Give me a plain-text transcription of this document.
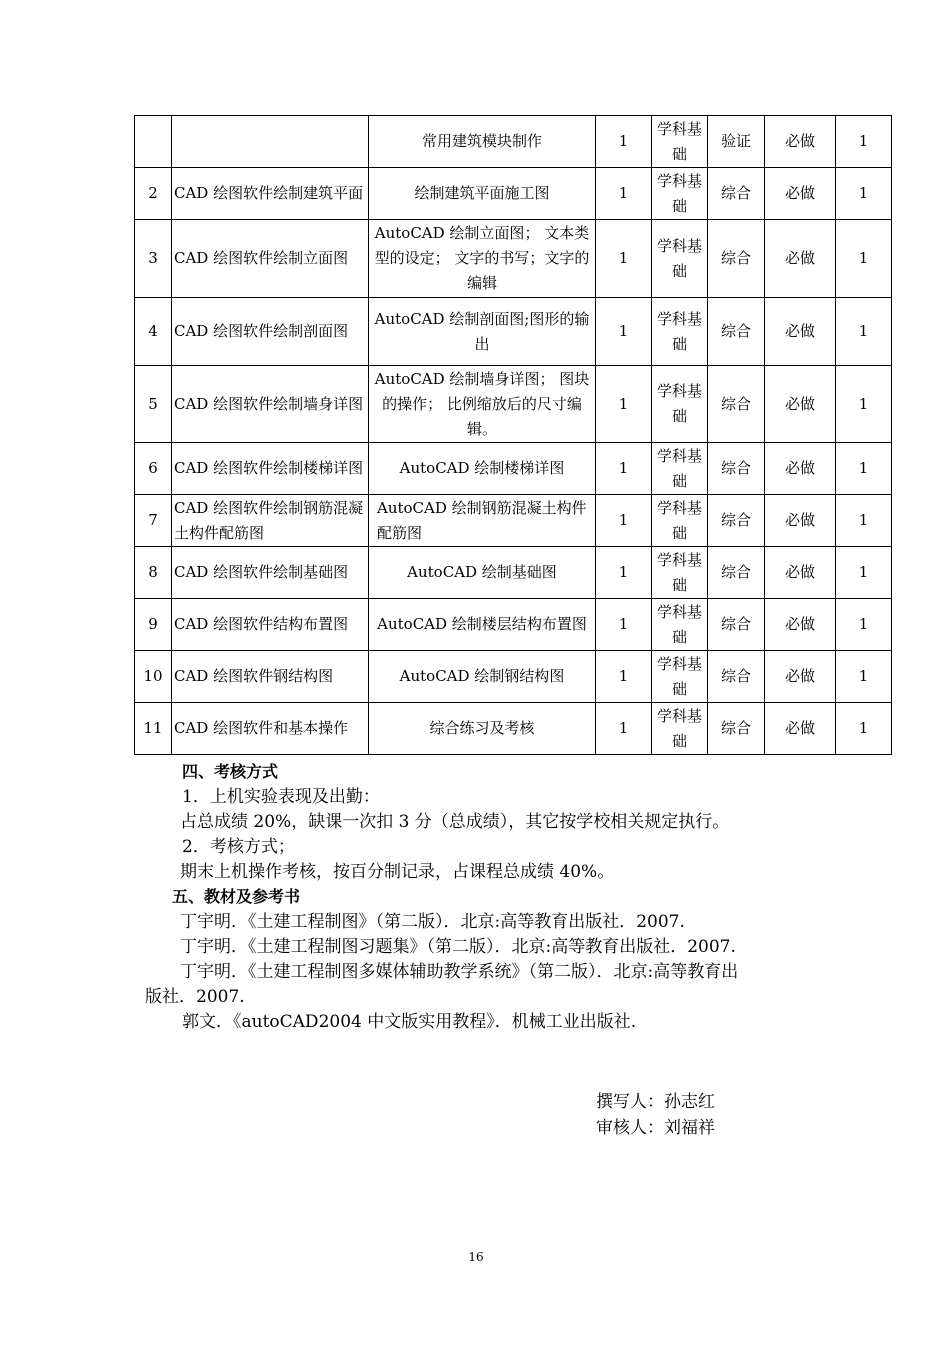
		常用建筑模块制作	1	学科基础	验证	必做	1
2	CAD 绘图软件绘制建筑平面	绘制建筑平面施工图	1	学科基础	综合	必做	1
3	CAD 绘图软件绘制立面图	AutoCAD 绘制立面图； 文本类型的设定； 文字的书写；文字的编辑	1	学科基础	综合	必做	1
4	CAD 绘图软件绘制剖面图	AutoCAD 绘制剖面图;图形的输出	1	学科基础	综合	必做	1
5	CAD 绘图软件绘制墙身详图	AutoCAD 绘制墙身详图； 图块的操作； 比例缩放后的尺寸编辑。	1	学科基础	综合	必做	1
6	CAD 绘图软件绘制楼梯详图	AutoCAD 绘制楼梯详图	1	学科基础	综合	必做	1
7	CAD 绘图软件绘制钢筋混凝土构件配筋图	AutoCAD 绘制钢筋混凝土构件配筋图	1	学科基础	综合	必做	1
8	CAD 绘图软件绘制基础图	AutoCAD 绘制基础图	1	学科基础	综合	必做	1
9	CAD 绘图软件结构布置图	AutoCAD 绘制楼层结构布置图	1	学科基础	综合	必做	1
10	CAD 绘图软件钢结构图	AutoCAD 绘制钢结构图	1	学科基础	综合	必做	1
11	CAD 绘图软件和基本操作	综合练习及考核	1	学科基础	综合	必做	1
四、考核方式
1．上机实验表现及出勤：
占总成绩 20%，缺课一次扣 3 分（总成绩），其它按学校相关规定执行。
2．考核方式；
期末上机操作考核，按百分制记录，占课程总成绩 40%。
五、教材及参考书
丁宇明．《土建工程制图》（第二版）．北京:高等教育出版社．2007.
丁宇明．《土建工程制图习题集》（第二版）．北京:高等教育出版社．2007.
丁宇明．《土建工程制图多媒体辅助教学系统》（第二版）．北京:高等教育出
版社．2007.
郭文．《autoCAD2004 中文版实用教程》．机械工业出版社.
撰写人：孙志红
审核人：刘福祥
16
